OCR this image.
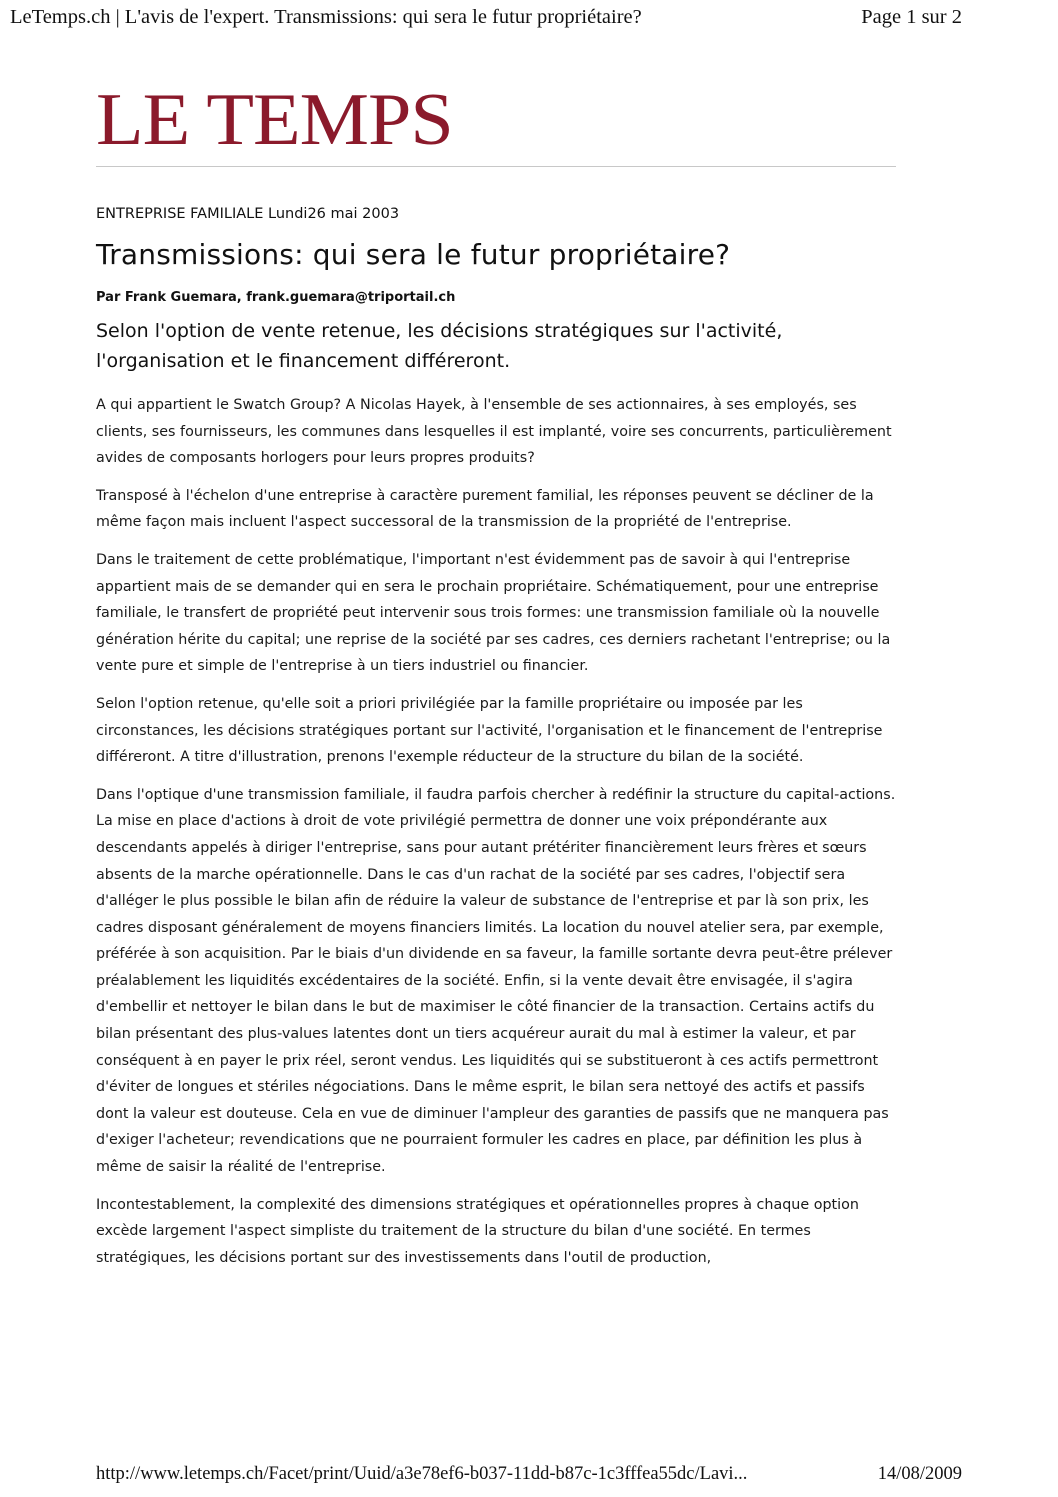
LeTemps.ch | L'avis de l'expert. Transmissions: qui sera le futur propriétaire?	Page 1 sur 2
LE TEMPS

ENTREPRISE FAMILIALE Lundi26 mai 2003

Transmissions: qui sera le futur propriétaire?

Par Frank Guemara, frank.guemara@triportail.ch

Selon l'option de vente retenue, les décisions stratégiques sur l'activité, l'organisation et le financement différeront.

A qui appartient le Swatch Group? A Nicolas Hayek, à l'ensemble de ses actionnaires, à ses employés, ses clients, ses fournisseurs, les communes dans lesquelles il est implanté, voire ses concurrents, particulièrement avides de composants horlogers pour leurs propres produits?

Transposé à l'échelon d'une entreprise à caractère purement familial, les réponses peuvent se décliner de la même façon mais incluent l'aspect successoral de la transmission de la propriété de l'entreprise.

Dans le traitement de cette problématique, l'important n'est évidemment pas de savoir à qui l'entreprise appartient mais de se demander qui en sera le prochain propriétaire. Schématiquement, pour une entreprise familiale, le transfert de propriété peut intervenir sous trois formes: une transmission familiale où la nouvelle génération hérite du capital; une reprise de la société par ses cadres, ces derniers rachetant l'entreprise; ou la vente pure et simple de l'entreprise à un tiers industriel ou financier.

Selon l'option retenue, qu'elle soit a priori privilégiée par la famille propriétaire ou imposée par les circonstances, les décisions stratégiques portant sur l'activité, l'organisation et le financement de l'entreprise différeront. A titre d'illustration, prenons l'exemple réducteur de la structure du bilan de la société.

Dans l'optique d'une transmission familiale, il faudra parfois chercher à redéfinir la structure du capital-actions. La mise en place d'actions à droit de vote privilégié permettra de donner une voix prépondérante aux descendants appelés à diriger l'entreprise, sans pour autant prétériter financièrement leurs frères et sœurs absents de la marche opérationnelle. Dans le cas d'un rachat de la société par ses cadres, l'objectif sera d'alléger le plus possible le bilan afin de réduire la valeur de substance de l'entreprise et par là son prix, les cadres disposant généralement de moyens financiers limités. La location du nouvel atelier sera, par exemple, préférée à son acquisition. Par le biais d'un dividende en sa faveur, la famille sortante devra peut-être prélever préalablement les liquidités excédentaires de la société. Enfin, si la vente devait être envisagée, il s'agira d'embellir et nettoyer le bilan dans le but de maximiser le côté financier de la transaction. Certains actifs du bilan présentant des plus-values latentes dont un tiers acquéreur aurait du mal à estimer la valeur, et par conséquent à en payer le prix réel, seront vendus. Les liquidités qui se substitueront à ces actifs permettront d'éviter de longues et stériles négociations. Dans le même esprit, le bilan sera nettoyé des actifs et passifs dont la valeur est douteuse. Cela en vue de diminuer l'ampleur des garanties de passifs que ne manquera pas d'exiger l'acheteur; revendications que ne pourraient formuler les cadres en place, par définition les plus à même de saisir la réalité de l'entreprise.

Incontestablement, la complexité des dimensions stratégiques et opérationnelles propres à chaque option excède largement l'aspect simpliste du traitement de la structure du bilan d'une société. En termes stratégiques, les décisions portant sur des investissements dans l'outil de production,

http://www.letemps.ch/Facet/print/Uuid/a3e78ef6-b037-11dd-b87c-1c3fffea55dc/Lavi...	14/08/2009
